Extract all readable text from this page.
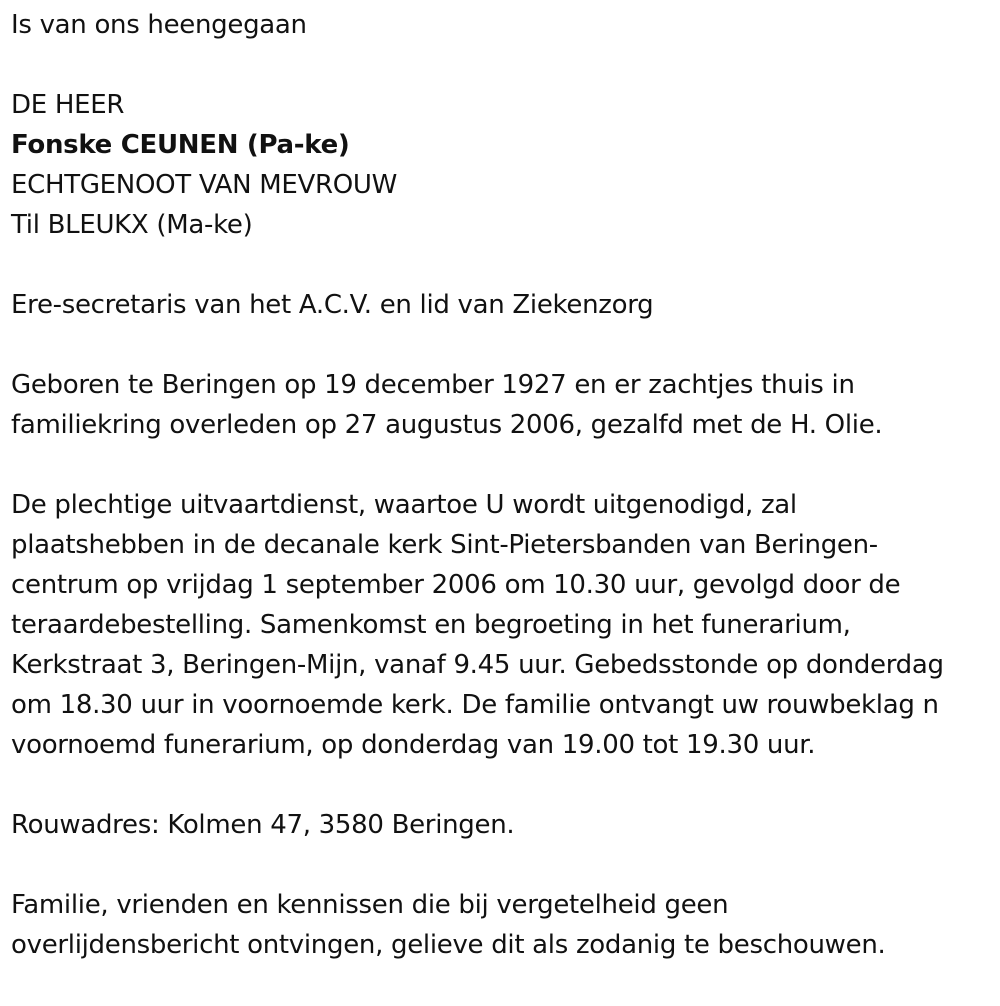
Is van ons heengegaan
DE HEER
Fonske CEUNEN (Pa-ke)
ECHTGENOOT VAN MEVROUW
Til BLEUKX (Ma-ke)
Ere-secretaris van het A.C.V. en lid van Ziekenzorg
Geboren te Beringen op 19 december 1927 en er zachtjes thuis in
familiekring overleden op 27 augustus 2006, gezalfd met de H. Olie.
De plechtige uitvaartdienst, waartoe U wordt uitgenodigd, zal
plaatshebben in de decanale kerk Sint-Pietersbanden van Beringen-
centrum op vrijdag 1 september 2006 om 10.30 uur, gevolgd door de
teraardebestelling. Samenkomst en begroeting in het funerarium,
Kerkstraat 3, Beringen-Mijn, vanaf 9.45 uur. Gebedsstonde op donderdag
om 18.30 uur in voornoemde kerk. De familie ontvangt uw rouwbeklag n
voornoemd funerarium, op donderdag van 19.00 tot 19.30 uur.
Rouwadres: Kolmen 47, 3580 Beringen.
Familie, vrienden en kennissen die bij vergetelheid geen
overlijdensbericht ontvingen, gelieve dit als zodanig te beschouwen.
